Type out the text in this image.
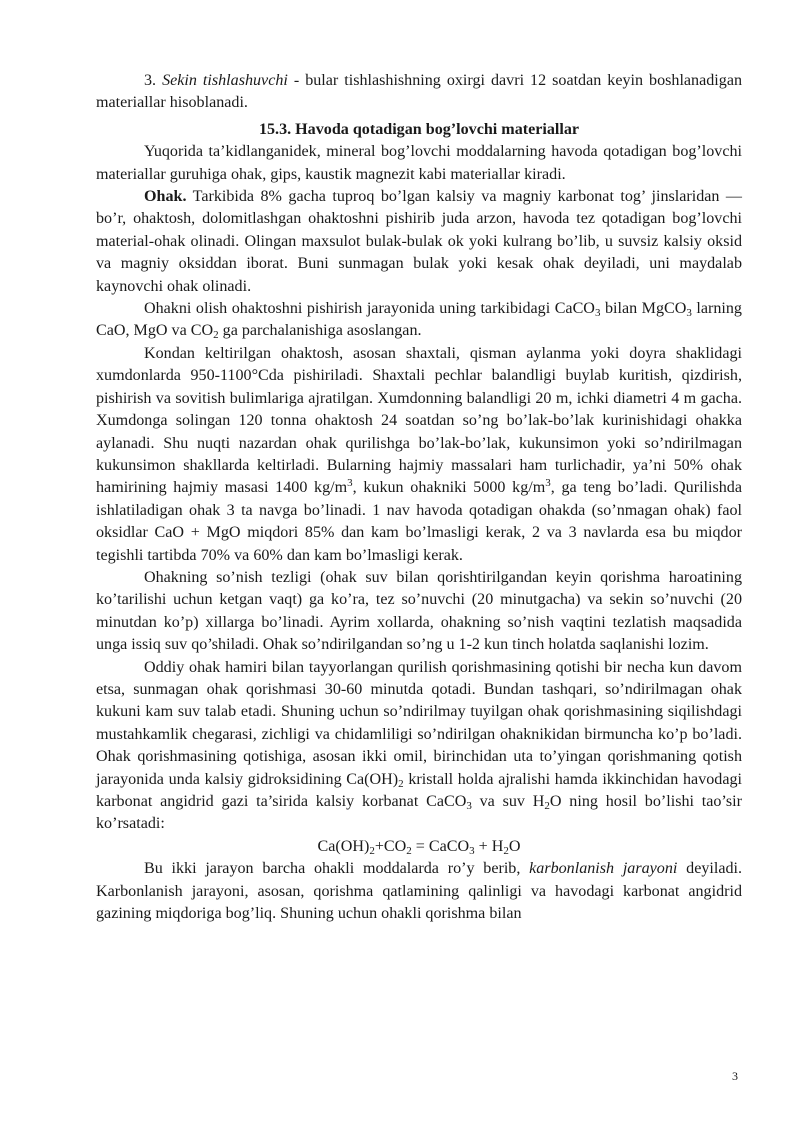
3. Sekin tishlashuvchi - bular tishlashishning oxirgi davri 12 soatdan keyin boshlanadigan materiallar hisoblanadi.

15.3. Havoda qotadigan bog’lovchi materiallar

Yuqorida ta’kidlanganidek, mineral bog’lovchi moddalarning havoda qotadigan bog’lovchi materiallar guruhiga ohak, gips, kaustik magnezit kabi materiallar kiradi.

Ohak. Tarkibida 8% gacha tuproq bo’lgan kalsiy va magniy karbonat tog’ jinslaridan — bo’r, ohaktosh, dolomitlashgan ohaktoshni pishirib juda arzon, havoda tez qotadigan bog’lovchi material-ohak olinadi. Olingan maxsulot bulak-bulak ok yoki kulrang bo’lib, u suvsiz kalsiy oksid va magniy oksiddan iborat. Buni sunmagan bulak yoki kesak ohak deyiladi, uni maydalab kaynovchi ohak olinadi.

Ohakni olish ohaktoshni pishirish jarayonida uning tarkibidagi CaCO$_3$ bilan MgCO$_3$ larning CaO, MgO va $CO_2$ ga parchalanishiga asoslangan.

Kondan keltirilgan ohaktosh, asosan shaxtali, qisman aylanma yoki doyra shaklidagi xumdonlarda 950-1100°Cda pishiriladi. Shaxtali pechlar balandligi buylab kuritish, qizdirish, pishirish va sovitish bulimlariga ajratilgan. Xumdonning balandligi 20 m, ichki diametri 4 m gacha. Xumdonga solingan 120 tonna ohaktosh 24 soatdan so’ng bo’lak-bo’lak kurinishidagi ohakka aylanadi. Shu nuqti nazardan ohak qurilishga bo’lak-bo’lak, kukunsimon yoki so’ndirilmagan kukunsimon shakllarda keltirladi. Bularning hajmiy massalari ham turlichadir, ya’ni 50% ohak hamirining hajmiy masasi 1400 $kg/m^3$, kukun ohakniki 5000 $kg/m^3$, ga teng bo’ladi. Qurilishda ishlatiladigan ohak 3 ta navga bo’linadi. 1 nav havoda qotadigan ohakda (so’nmagan ohak) faol oksidlar CaO + MgO miqdori 85% dan kam bo’lmasligi kerak, 2 va 3 navlarda esa bu miqdor tegishli tartibda 70% va 60% dan kam bo’lmasligi kerak.

Ohakning so’nish tezligi (ohak suv bilan qorishtirilgandan keyin qorishma haroatining ko’tarilishi uchun ketgan vaqt) ga ko’ra, tez so’nuvchi (20 minutgacha) va sekin so’nuvchi (20 minutdan ko’p) xillarga bo’linadi. Ayrim xollarda, ohakning so’nish vaqtini tezlatish maqsadida unga issiq suv qo’shiladi. Ohak so’ndirilgandan so’ng u 1-2 kun tinch holatda saqlanishi lozim.

Oddiy ohak hamiri bilan tayyorlangan qurilish qorishmasining qotishi bir necha kun davom etsa, sunmagan ohak qorishmasi 30-60 minutda qotadi. Bundan tashqari, so’ndirilmagan ohak kukuni kam suv talab etadi. Shuning uchun so’ndirilmay tuyilgan ohak qorishmasining siqilishdagi mustahkamlik chegarasi, zichligi va chidamliligi so’ndirilgan ohaknikidan birmuncha ko’p bo’ladi. Ohak qorishmasining qotishiga, asosan ikki omil, birinchidan uta to’yingan qorishmaning qotish jarayonida unda kalsiy gidroksidining $Ca(OH)_2$ kristall holda ajralishi hamda ikkinchidan havodagi karbonat angidrid gazi ta’sirida kalsiy korbanat CaCO$_3$ va suv $H_2O$ ning hosil bo’lishi tao’sir ko’rsatadi:

$Ca(OH)_2+CO_2$ = CaCO$_3$ + $H_2O$

Bu ikki jarayon barcha ohakli moddalarda ro’y berib, karbonlanish jarayoni deyiladi. Karbonlanish jarayoni, asosan, qorishma qatlamining qalinligi va havodagi karbonat angidrid gazining miqdoriga bog’liq. Shuning uchun ohakli qorishma bilan

3
